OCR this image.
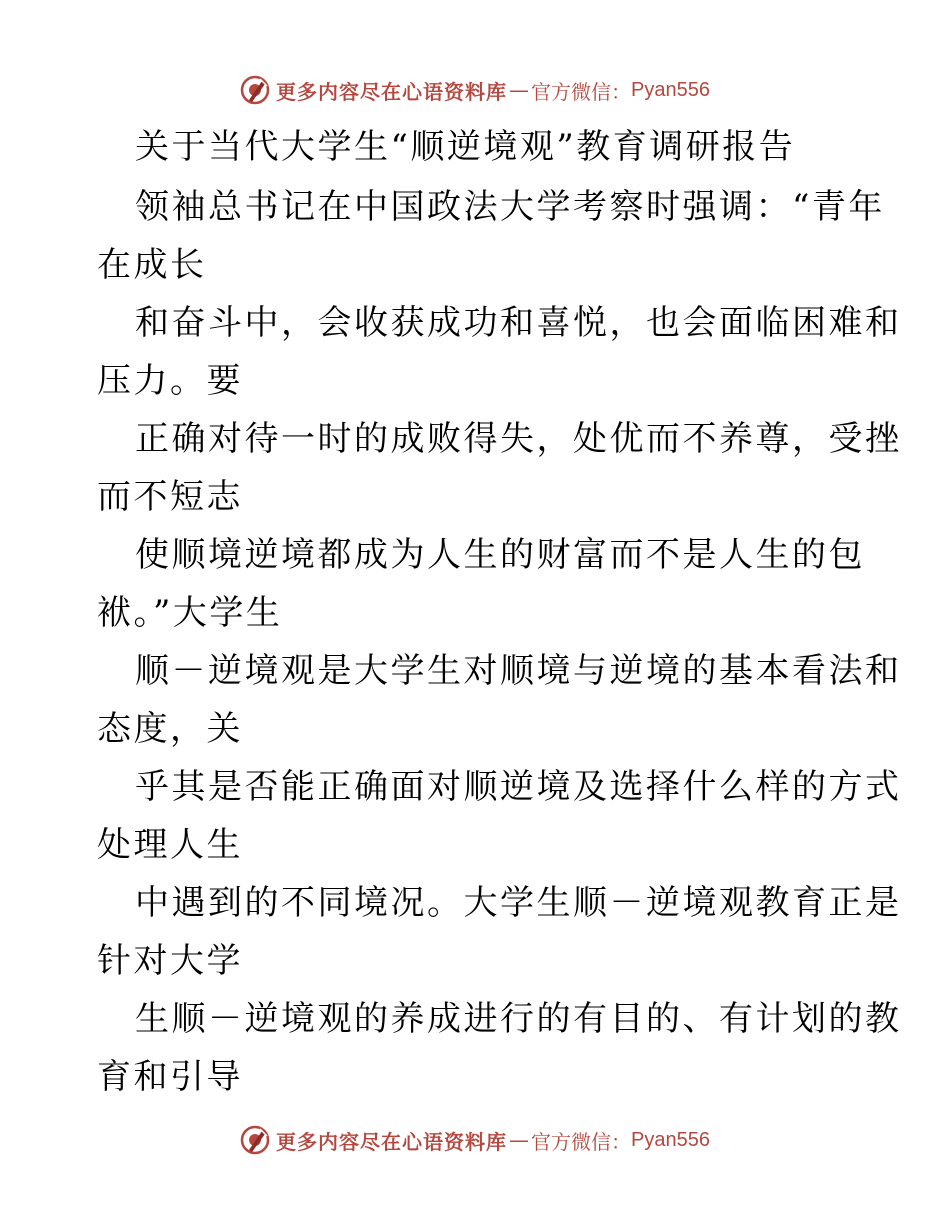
更多内容尽在心语资料库 — 官方微信： Pyan556
关于当代大学生“顺逆境观”教育调研报告
领袖总书记在中国政法大学考察时强调：“青年
在成长
和奋斗中，会收获成功和喜悦，也会面临困难和
压力。要
正确对待一时的成败得失，处优而不养尊，受挫
而不短志
使顺境逆境都成为人生的财富而不是人生的包
袱。”大学生
顺－逆境观是大学生对顺境与逆境的基本看法和
态度，关
乎其是否能正确面对顺逆境及选择什么样的方式
处理人生
中遇到的不同境况。大学生顺－逆境观教育正是
针对大学
生顺－逆境观的养成进行的有目的、有计划的教
育和引导
更多内容尽在心语资料库 — 官方微信： Pyan556
